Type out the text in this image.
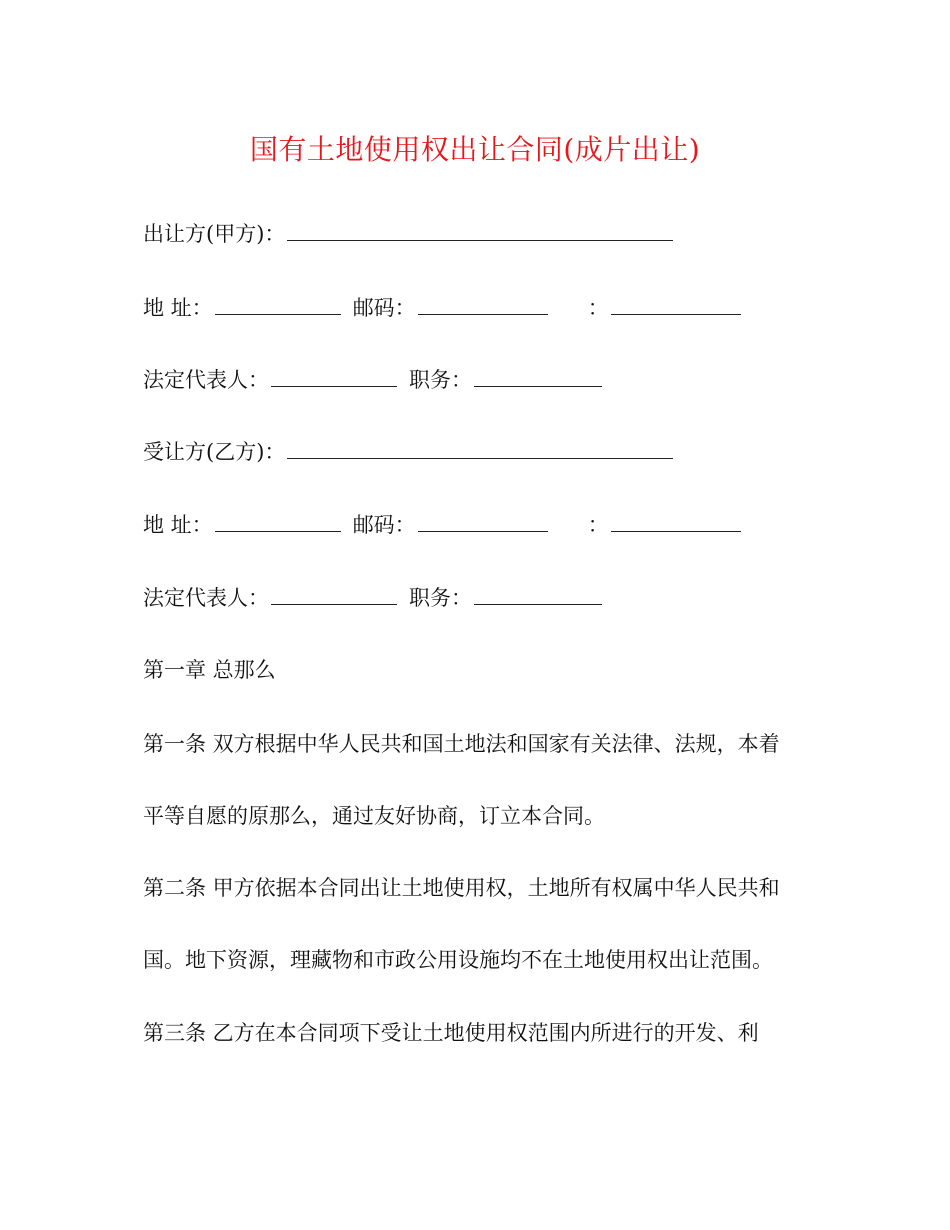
国有土地使用权出让合同(成片出让)
出让方(甲方)：
地 址：	邮码：	：
法定代表人：	职务：
受让方(乙方)：
地 址：	邮码：	：
法定代表人：	职务：
第一章 总那么
第一条 双方根据中华人民共和国土地法和国家有关法律、法规，本着
平等自愿的原那么，通过友好协商，订立本合同。
第二条 甲方依据本合同出让土地使用权，土地所有权属中华人民共和
国。地下资源，理藏物和市政公用设施均不在土地使用权出让范围。
第三条 乙方在本合同项下受让土地使用权范围内所进行的开发、利
